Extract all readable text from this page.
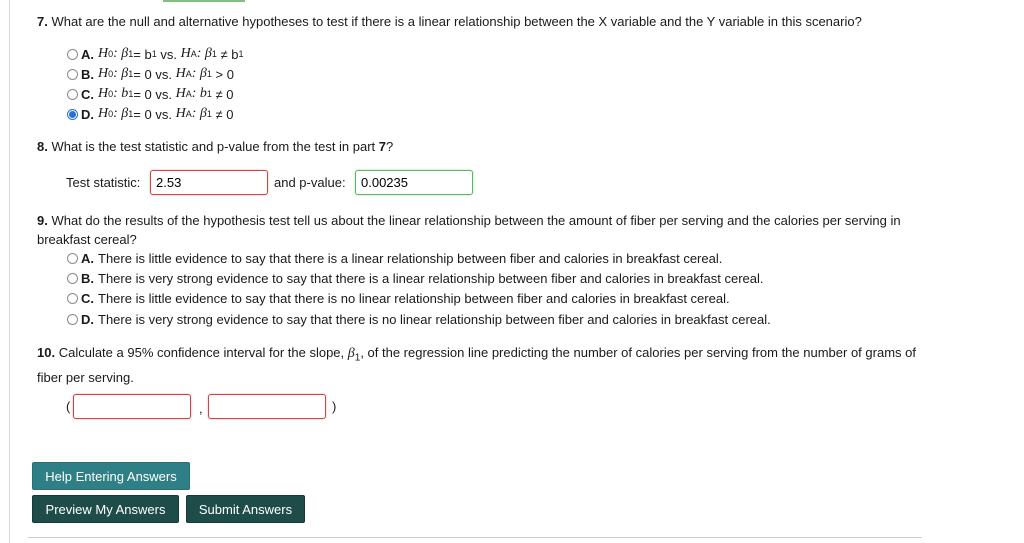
7. What are the null and alternative hypotheses to test if there is a linear relationship between the X variable and the Y variable in this scenario?
A. H 0 : β 1 = b 1 vs. H A : β 1 ≠ b 1
B. H 0 : β 1 = 0 vs. H A : β 1 > 0
C. H 0 : b 1 = 0 vs. H A : b 1 ≠ 0
D. H 0 : β 1 = 0 vs. H A : β 1 ≠ 0
8. What is the test statistic and p-value from the test in part 7?
Test statistic:
2.53	and p-value:
0.00235
9. What do the results of the hypothesis test tell us about the linear relationship between the amount of fiber per serving and the calories per serving in breakfast cereal?
A. There is little evidence to say that there is a linear relationship between fiber and calories in breakfast cereal.
B. There is very strong evidence to say that there is a linear relationship between fiber and calories in breakfast cereal.
C. There is little evidence to say that there is no linear relationship between fiber and calories in breakfast cereal.
D. There is very strong evidence to say that there is no linear relationship between fiber and calories in breakfast cereal.
10. Calculate a 95% confidence interval for the slope, $\beta_1$, of the regression line predicting the number of calories per serving from the number of grams of fiber per serving.
(	,	)
Help Entering Answers
Preview My Answers	Submit Answers
